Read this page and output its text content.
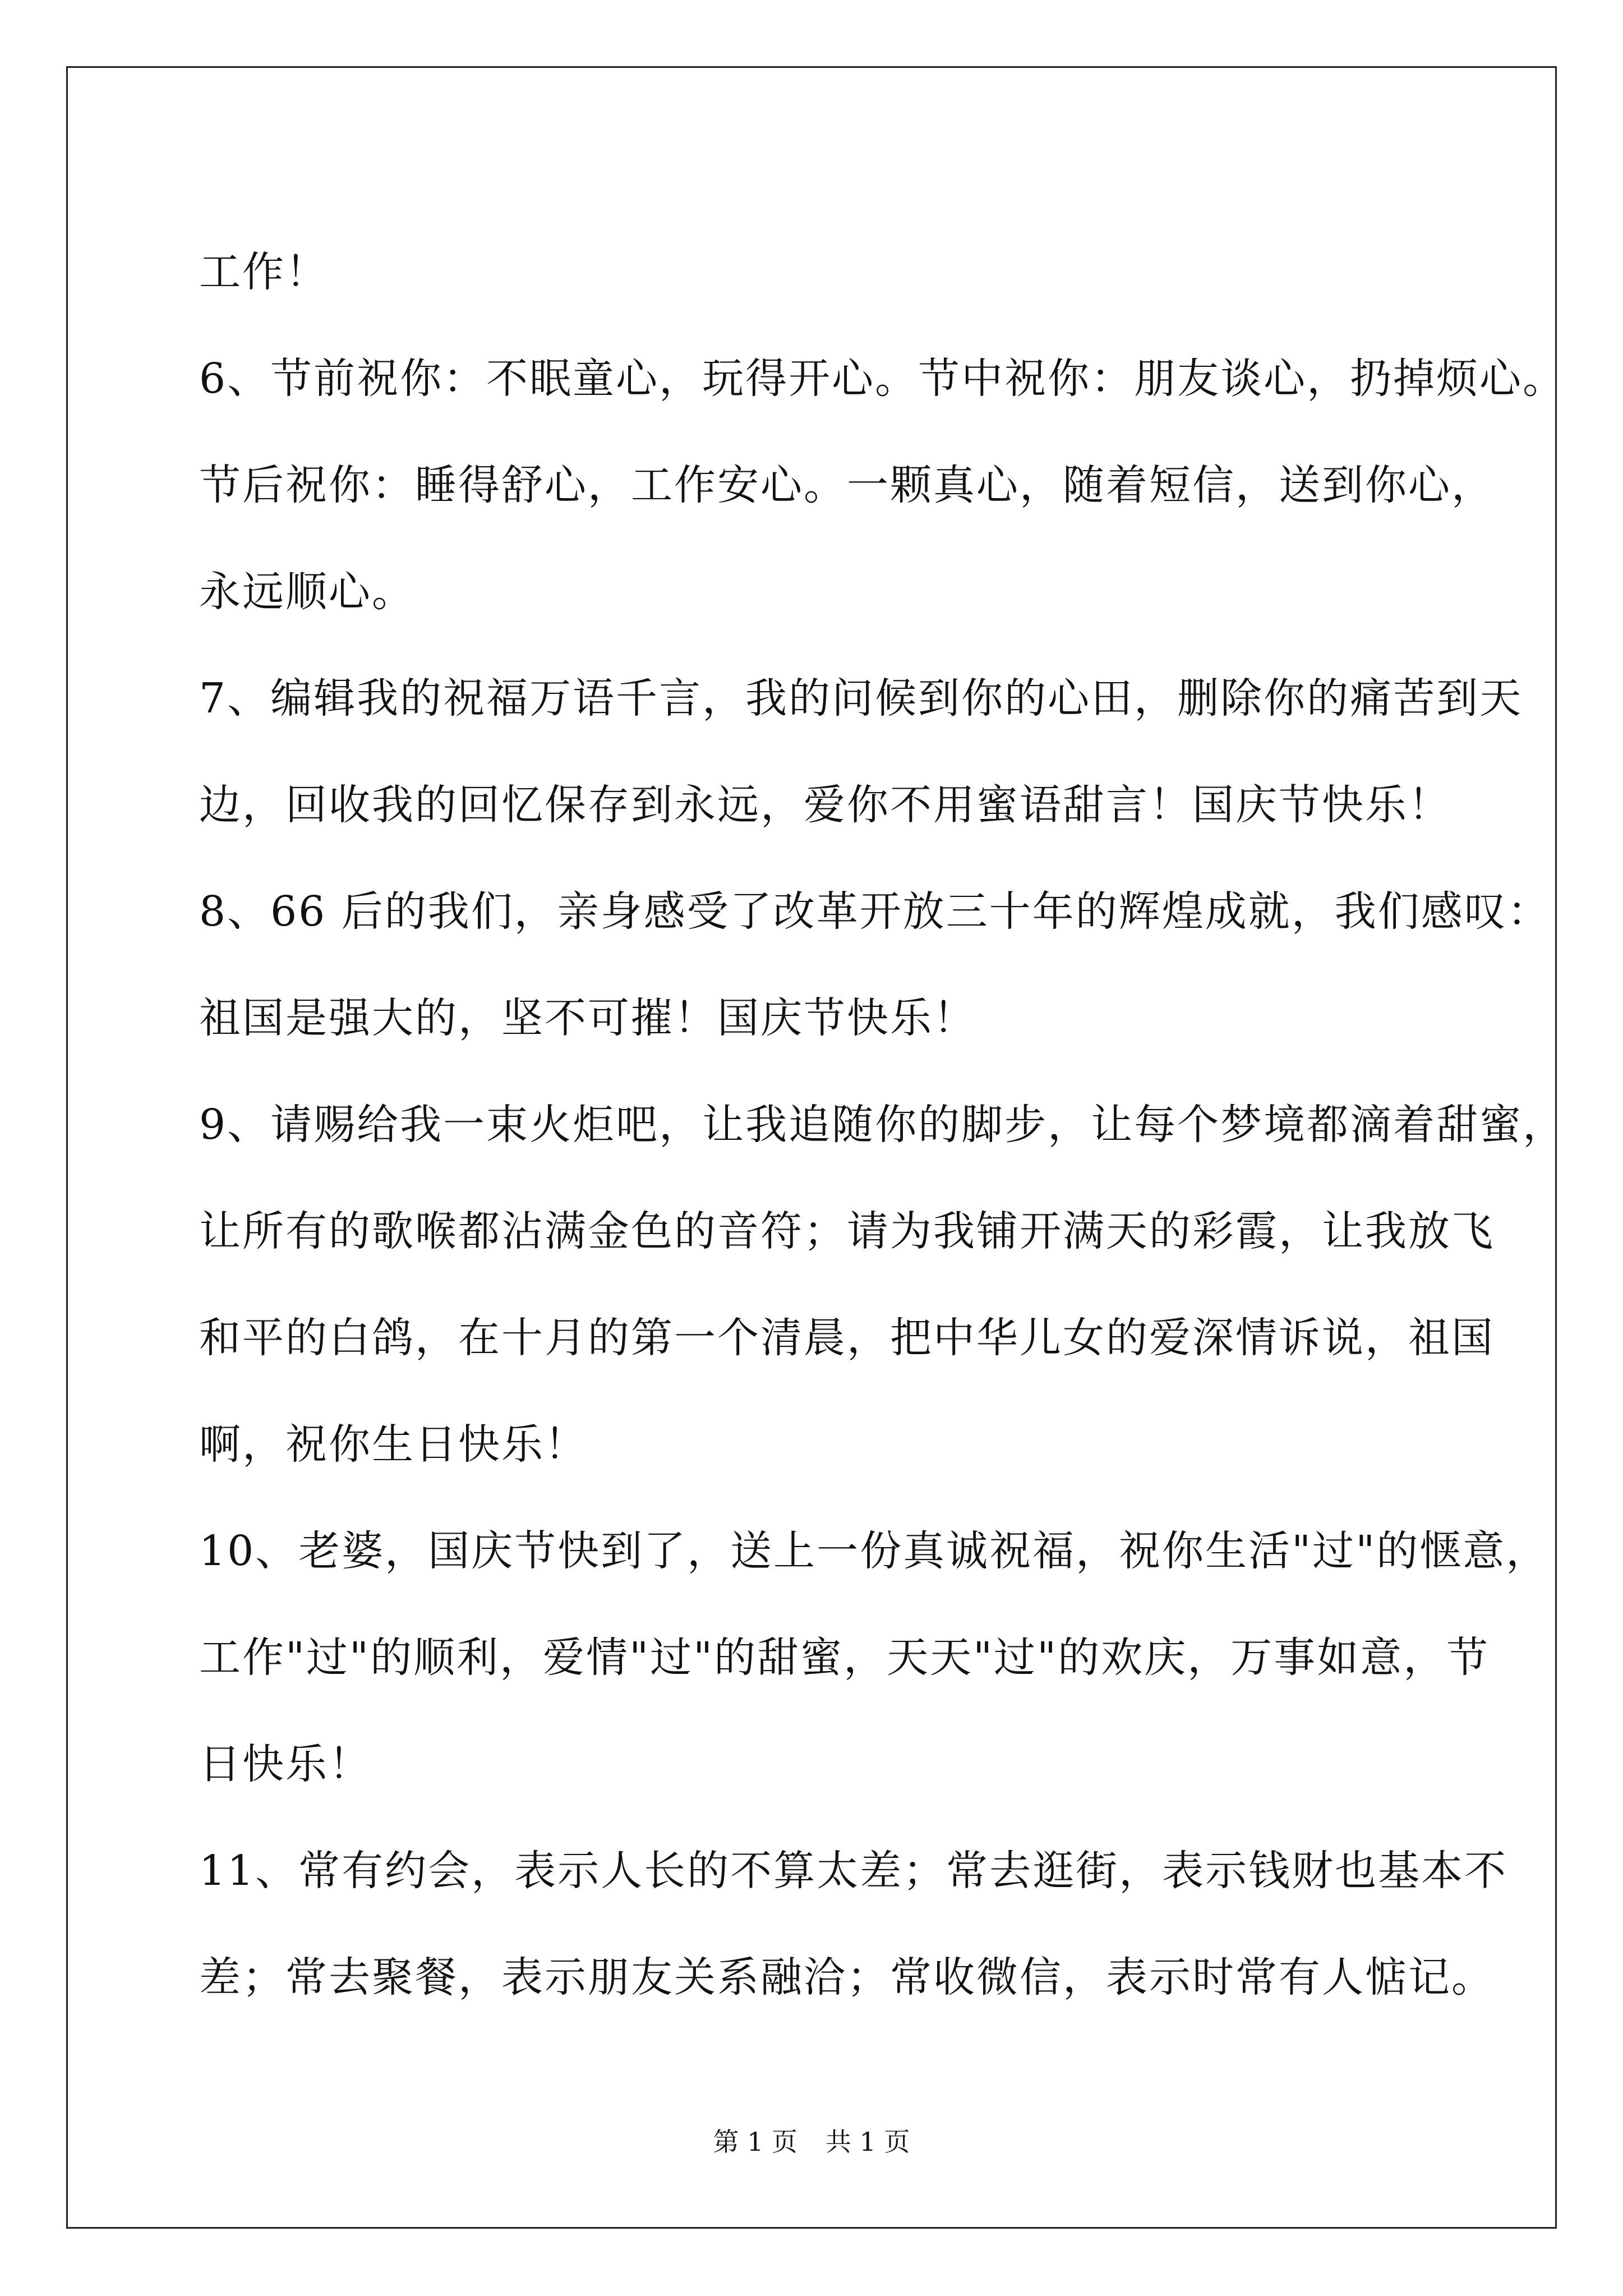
工作！
6、节前祝你：不眠童心，玩得开心。节中祝你：朋友谈心，扔掉烦心。
节后祝你：睡得舒心，工作安心。一颗真心，随着短信，送到你心，
永远顺心。
7、编辑我的祝福万语千言，我的问候到你的心田，删除你的痛苦到天
边，回收我的回忆保存到永远，爱你不用蜜语甜言！国庆节快乐！
8、66 后的我们，亲身感受了改革开放三十年的辉煌成就，我们感叹：
祖国是强大的，坚不可摧！国庆节快乐！
9、请赐给我一束火炬吧，让我追随你的脚步，让每个梦境都滴着甜蜜，
让所有的歌喉都沾满金色的音符；请为我铺开满天的彩霞，让我放飞
和平的白鸽，在十月的第一个清晨，把中华儿女的爱深情诉说，祖国
啊，祝你生日快乐！
10、老婆，国庆节快到了，送上一份真诚祝福，祝你生活"过"的惬意，
工作"过"的顺利，爱情"过"的甜蜜，天天"过"的欢庆，万事如意，节
日快乐！
11、常有约会，表示人长的不算太差；常去逛街，表示钱财也基本不
差；常去聚餐，表示朋友关系融洽；常收微信，表示时常有人惦记。
第 1 页 共 1 页
